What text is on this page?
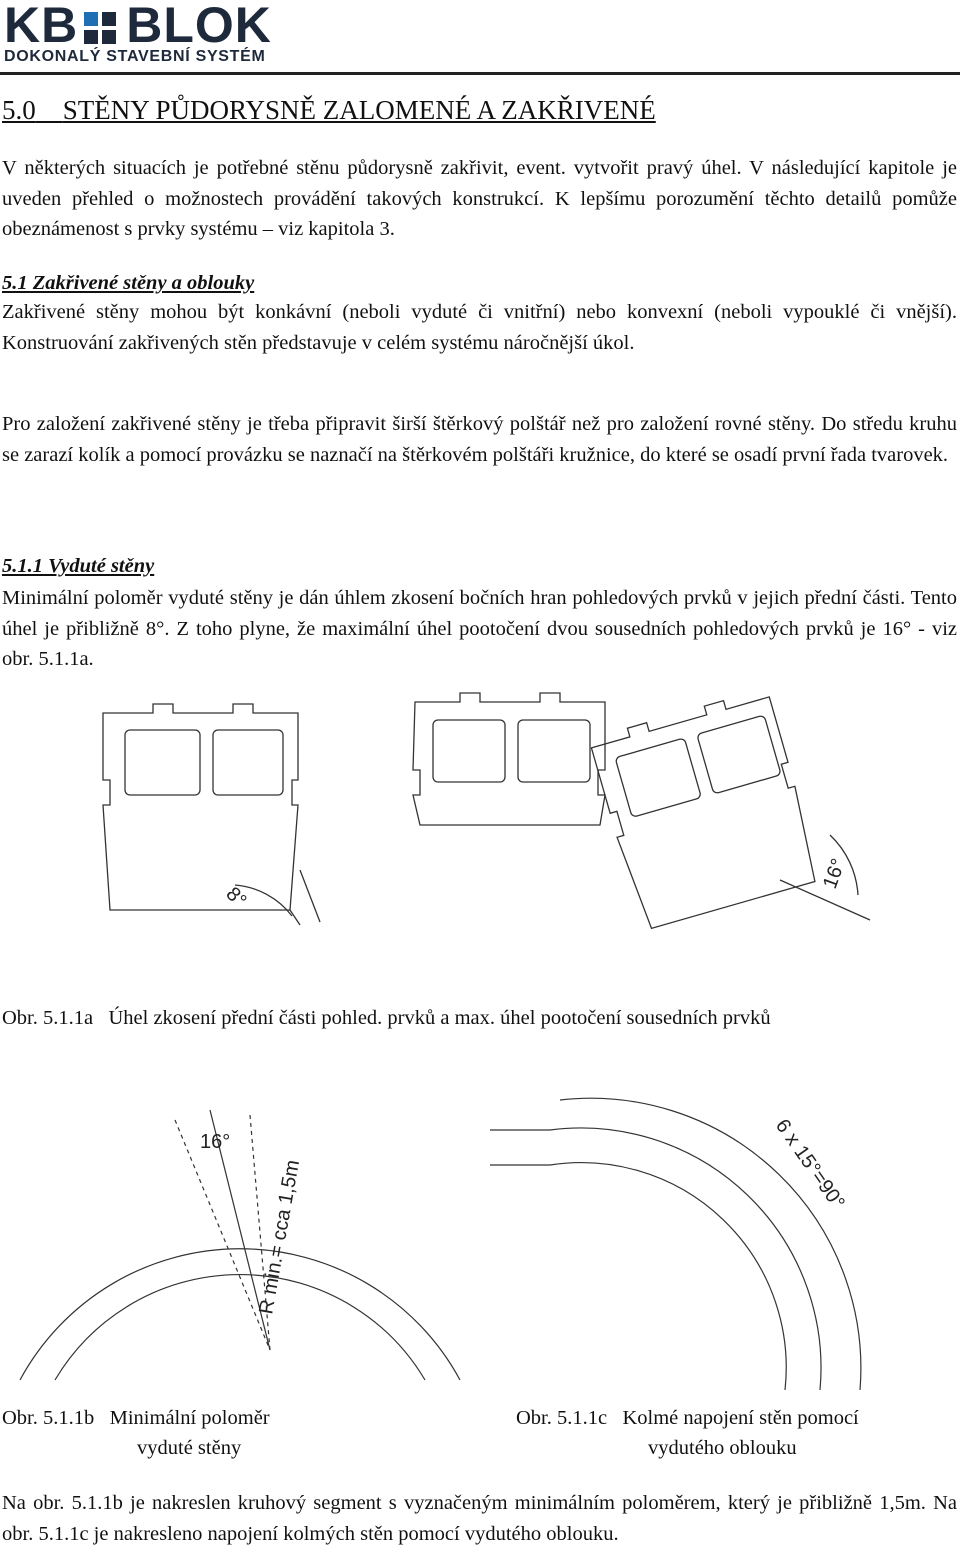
KB BLOK
DOKONALÝ STAVEBNÍ SYSTÉM
5.0 STĚNY PŮDORYSNĚ ZALOMENÉ A ZAKŘIVENÉ
V některých situacích je potřebné stěnu půdorysně zakřivit, event. vytvořit pravý úhel. V následující kapitole je uveden přehled o možnostech provádění takových konstrukcí. K lepšímu porozumění těchto detailů pomůže obeznámenost s prvky systému – viz kapitola 3.
5.1 Zakřivené stěny a oblouky
Zakřivené stěny mohou být konkávní (neboli vyduté či vnitřní) nebo konvexní (neboli vypouklé či vnější). Konstruování zakřivených stěn představuje v celém systému náročnější úkol.
Pro založení zakřivené stěny je třeba připravit širší štěrkový polštář než pro založení rovné stěny. Do středu kruhu se zarazí kolík a pomocí provázku se naznačí na štěrkovém polštáři kružnice, do které se osadí první řada tvarovek.
5.1.1 Vyduté stěny
Minimální poloměr vyduté stěny je dán úhlem zkosení bočních hran pohledových prvků v jejich přední části. Tento úhel je přibližně 8°. Z toho plyne, že maximální úhel pootočení dvou sousedních pohledových prvků je 16° - viz obr. 5.1.1a.
8°
16°
Obr. 5.1.1a Úhel zkosení přední části pohled. prvků a max. úhel pootočení sousedních prvků
16°
R min.= cca 1,5m	6 x 15°=90°
Obr. 5.1.1b Minimální poloměr
vyduté stěny
Obr. 5.1.1c Kolmé napojení stěn pomocí
vydutého oblouku
Na obr. 5.1.1b je nakreslen kruhový segment s vyznačeným minimálním poloměrem, který je přibližně 1,5m. Na obr. 5.1.1c je nakresleno napojení kolmých stěn pomocí vydutého oblouku.
